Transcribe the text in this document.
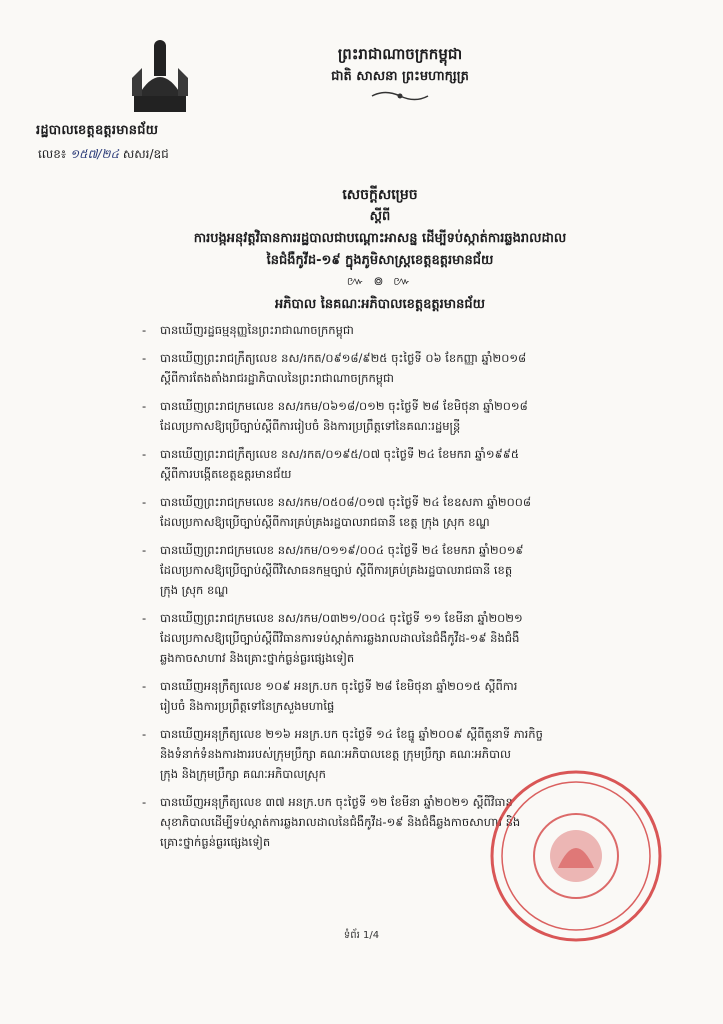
រដ្ឋបាលខេត្តឧត្តរមានជ័យ
លេខ៖ ១៥៧/២៤ សសរ/ឧជ
ព្រះរាជាណាចក្រកម្ពុជា
ជាតិ សាសនា ព្រះមហាក្សត្រ
សេចក្តីសម្រេច
ស្តីពី
ការបង្កអនុវត្តវិធានការរដ្ឋបាលជាបណ្តោះអាសន្ន ដើម្បីទប់ស្កាត់ការឆ្លងរាលដាល
នៃជំងឺកូវីដ-១៩ ក្នុងភូមិសាស្ត្រខេត្តឧត្តរមានជ័យ
៚ ៙ ៚
អភិបាល នៃគណៈអភិបាលខេត្តឧត្តរមានជ័យ
- បានឃើញរដ្ឋធម្មនុញ្ញនៃព្រះរាជាណាចក្រកម្ពុជា
- បានឃើញព្រះរាជក្រឹត្យលេខ នស/រកត/០៩១៨/៩២៥ ចុះថ្ងៃទី ០៦ ខែកញ្ញា ឆ្នាំ២០១៨
ស្តីពីការតែងតាំងរាជរដ្ឋាភិបាលនៃព្រះរាជាណាចក្រកម្ពុជា
- បានឃើញព្រះរាជក្រមលេខ នស/រកម/០៦១៨/០១២ ចុះថ្ងៃទី ២៨ ខែមិថុនា ឆ្នាំ២០១៨
ដែលប្រកាសឱ្យប្រើច្បាប់ស្តីពីការរៀបចំ និងការប្រព្រឹត្តទៅនៃគណៈរដ្ឋមន្ត្រី
- បានឃើញព្រះរាជក្រឹត្យលេខ នស/រកត/០១៩៥/០៧ ចុះថ្ងៃទី ២៤ ខែមករា ឆ្នាំ១៩៩៥
ស្តីពីការបង្កើតខេត្តឧត្តរមានជ័យ
- បានឃើញព្រះរាជក្រមលេខ នស/រកម/០៥០៨/០១៧ ចុះថ្ងៃទី ២៤ ខែឧសភា ឆ្នាំ២០០៨
ដែលប្រកាសឱ្យប្រើច្បាប់ស្តីពីការគ្រប់គ្រងរដ្ឋបាលរាជធានី ខេត្ត ក្រុង ស្រុក ខណ្ឌ
- បានឃើញព្រះរាជក្រមលេខ នស/រកម/០១១៩/០០៤ ចុះថ្ងៃទី ២៤ ខែមករា ឆ្នាំ២០១៩
ដែលប្រកាសឱ្យប្រើច្បាប់ស្តីពីវិសោធនកម្មច្បាប់ ស្តីពីការគ្រប់គ្រងរដ្ឋបាលរាជធានី ខេត្ត
ក្រុង ស្រុក ខណ្ឌ
- បានឃើញព្រះរាជក្រមលេខ នស/រកម/០៣២១/០០៤ ចុះថ្ងៃទី ១១ ខែមីនា ឆ្នាំ២០២១
ដែលប្រកាសឱ្យប្រើច្បាប់ស្តីពីវិធានការទប់ស្កាត់ការឆ្លងរាលដាលនៃជំងឺកូវីដ-១៩ និងជំងឺ
ឆ្លងកាចសាហាវ និងគ្រោះថ្នាក់ធ្ងន់ធ្ងរផ្សេងទៀត
- បានឃើញអនុក្រឹត្យលេខ ១០៩ អនក្រ.បក ចុះថ្ងៃទី ២៨ ខែមិថុនា ឆ្នាំ២០១៥ ស្តីពីការ
រៀបចំ និងការប្រព្រឹត្តទៅនៃក្រសួងមហាផ្ទៃ
- បានឃើញអនុក្រឹត្យលេខ ២១៦ អនក្រ.បក ចុះថ្ងៃទី ១៤ ខែធ្នូ ឆ្នាំ២០០៩ ស្តីពីតួនាទី ភារកិច្ច
និងទំនាក់ទំនងការងាររបស់ក្រុមប្រឹក្សា គណៈអភិបាលខេត្ត ក្រុមប្រឹក្សា គណៈអភិបាល
ក្រុង និងក្រុមប្រឹក្សា គណៈអភិបាលស្រុក
- បានឃើញអនុក្រឹត្យលេខ ៣៧ អនក្រ.បក ចុះថ្ងៃទី ១២ ខែមីនា ឆ្នាំ២០២១ ស្តីពីវិធាន
សុខាភិបាលដើម្បីទប់ស្កាត់ការឆ្លងរាលដាលនៃជំងឺកូវីដ-១៩ និងជំងឺឆ្លងកាចសាហាវ និង
គ្រោះថ្នាក់ធ្ងន់ធ្ងរផ្សេងទៀត
ទំព័រ 1/4
